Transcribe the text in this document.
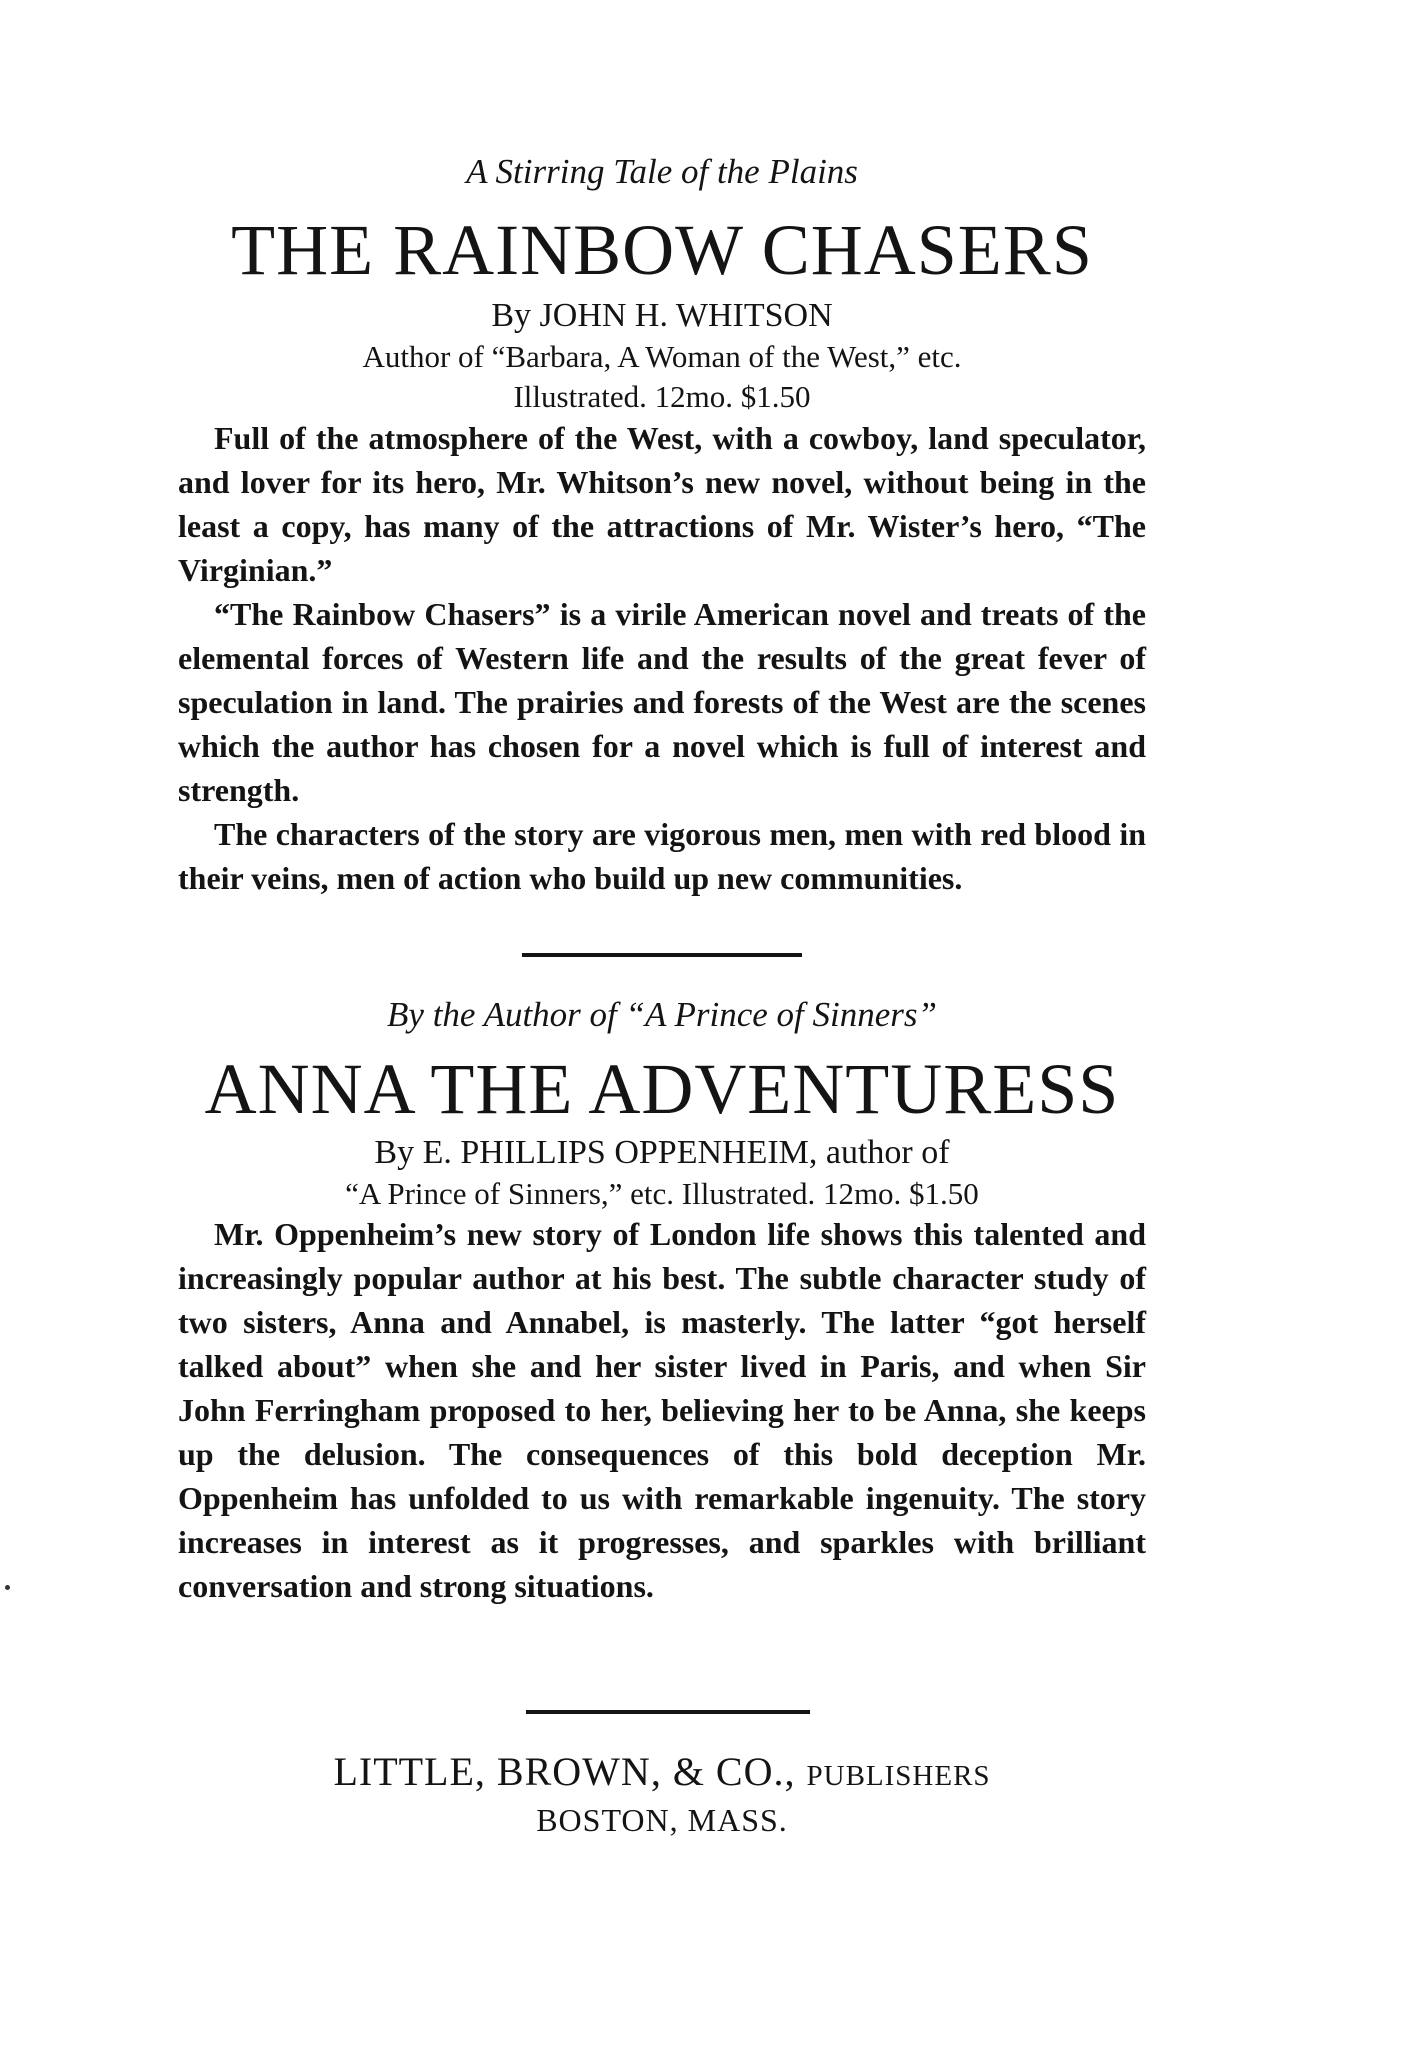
A Stirring Tale of the Plains
THE RAINBOW CHASERS
By JOHN H. WHITSON
Author of “Barbara, A Woman of the West,” etc.
Illustrated. 12mo. $1.50

Full of the atmosphere of the West, with a cowboy, land speculator, and lover for its hero, Mr. Whitson’s new novel, without being in the least a copy, has many of the attractions of Mr. Wister’s hero, “The Virginian.”

“The Rainbow Chasers” is a virile American novel and treats of the elemental forces of Western life and the results of the great fever of speculation in land. The prairies and forests of the West are the scenes which the author has chosen for a novel which is full of interest and strength.

The characters of the story are vigorous men, men with red blood in their veins, men of action who build up new communities.

By the Author of “A Prince of Sinners”
ANNA THE ADVENTURESS
By E. PHILLIPS OPPENHEIM, author of
“A Prince of Sinners,” etc. Illustrated. 12mo. $1.50

Mr. Oppenheim’s new story of London life shows this talented and increasingly popular author at his best. The subtle character study of two sisters, Anna and Annabel, is masterly. The latter “got herself talked about” when she and her sister lived in Paris, and when Sir John Ferringham proposed to her, believing her to be Anna, she keeps up the delusion. The consequences of this bold deception Mr. Oppenheim has unfolded to us with remarkable ingenuity. The story increases in interest as it progresses, and sparkles with brilliant conversation and strong situations.

LITTLE, BROWN, & CO., PUBLISHERS
BOSTON, MASS.
